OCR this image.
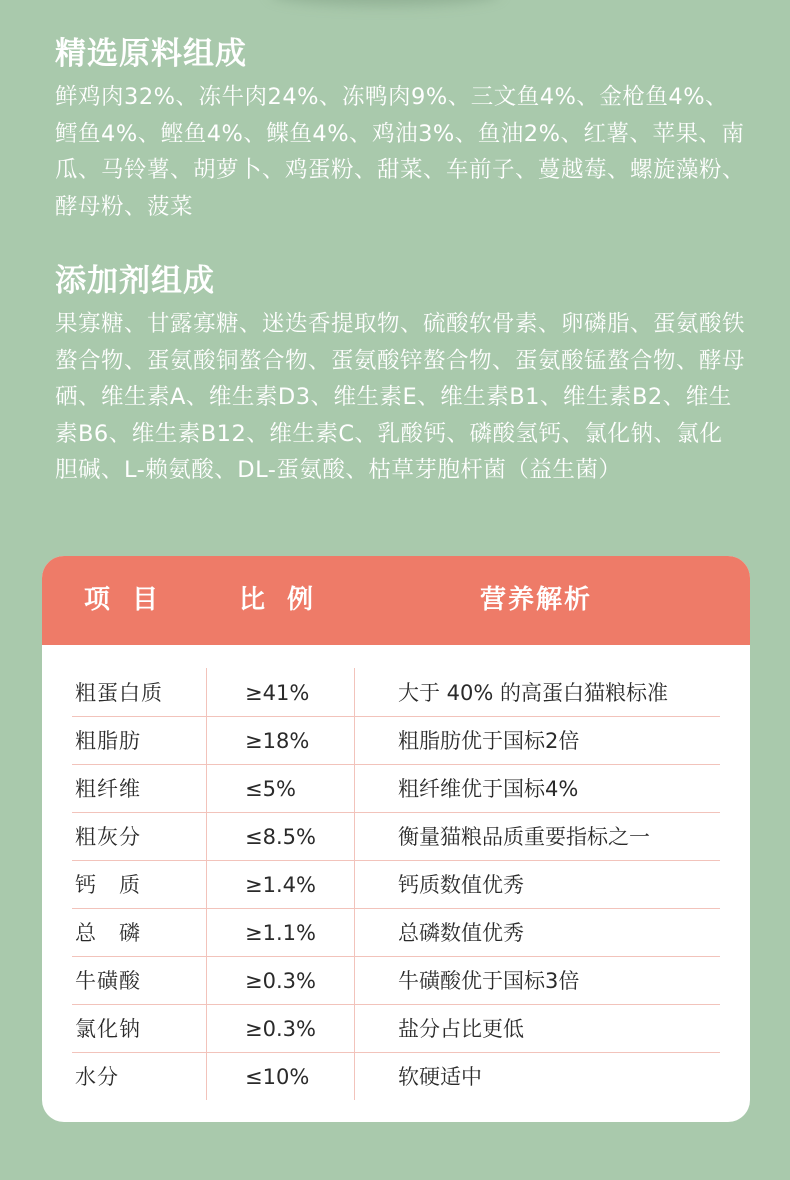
精选原料组成

鲜鸡肉32%、冻牛肉24%、冻鸭肉9%、三文鱼4%、金枪鱼4%、鳕鱼4%、鲣鱼4%、鲽鱼4%、鸡油3%、鱼油2%、红薯、苹果、南瓜、马铃薯、胡萝卜、鸡蛋粉、甜菜、车前子、蔓越莓、螺旋藻粉、酵母粉、菠菜

添加剂组成

果寡糖、甘露寡糖、迷迭香提取物、硫酸软骨素、卵磷脂、蛋氨酸铁螯合物、蛋氨酸铜螯合物、蛋氨酸锌螯合物、蛋氨酸锰螯合物、酵母硒、维生素A、维生素D3、维生素E、维生素B1、维生素B2、维生素B6、维生素B12、维生素C、乳酸钙、磷酸氢钙、氯化钠、氯化胆碱、L-赖氨酸、DL-蛋氨酸、枯草芽胞杆菌（益生菌）

项目 比例	营养解析
粗蛋白质	≥41%	大于 40% 的高蛋白猫粮标准
粗脂肪	≥18%	粗脂肪优于国标2倍
粗纤维	≤5%	粗纤维优于国标4%
粗灰分	≤8.5%	衡量猫粮品质重要指标之一
钙　质	≥1.4%	钙质数值优秀
总　磷	≥1.1%	总磷数值优秀
牛磺酸	≥0.3%	牛磺酸优于国标3倍
氯化钠	≥0.3%	盐分占比更低
水分	≤10%	软硬适中
